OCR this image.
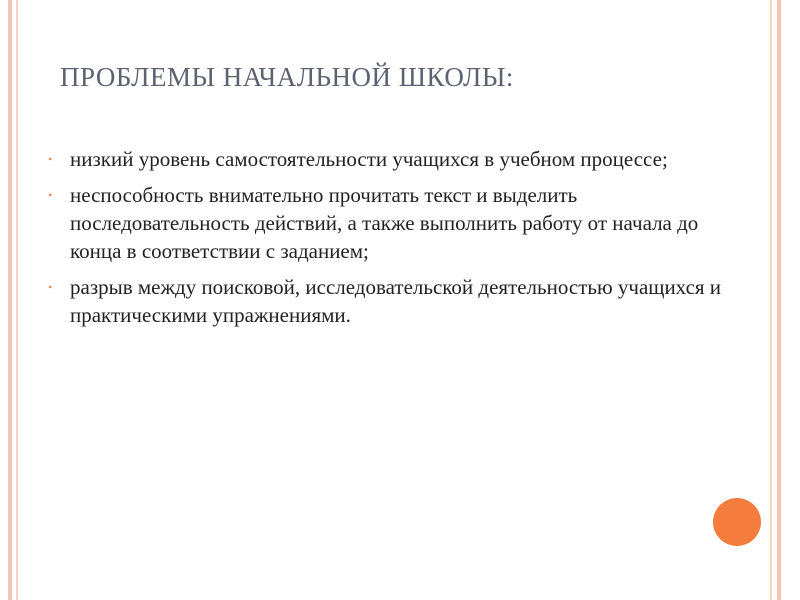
ПРОБЛЕМЫ НАЧАЛЬНОЙ ШКОЛЫ:
• низкий уровень самостоятельности учащихся в учебном процессе;
• неспособность внимательно прочитать текст и выделить последовательность действий, а также выполнить работу от начала до конца в соответствии с заданием;
• разрыв между поисковой, исследовательской деятельностью учащихся и практическими упражнениями.
